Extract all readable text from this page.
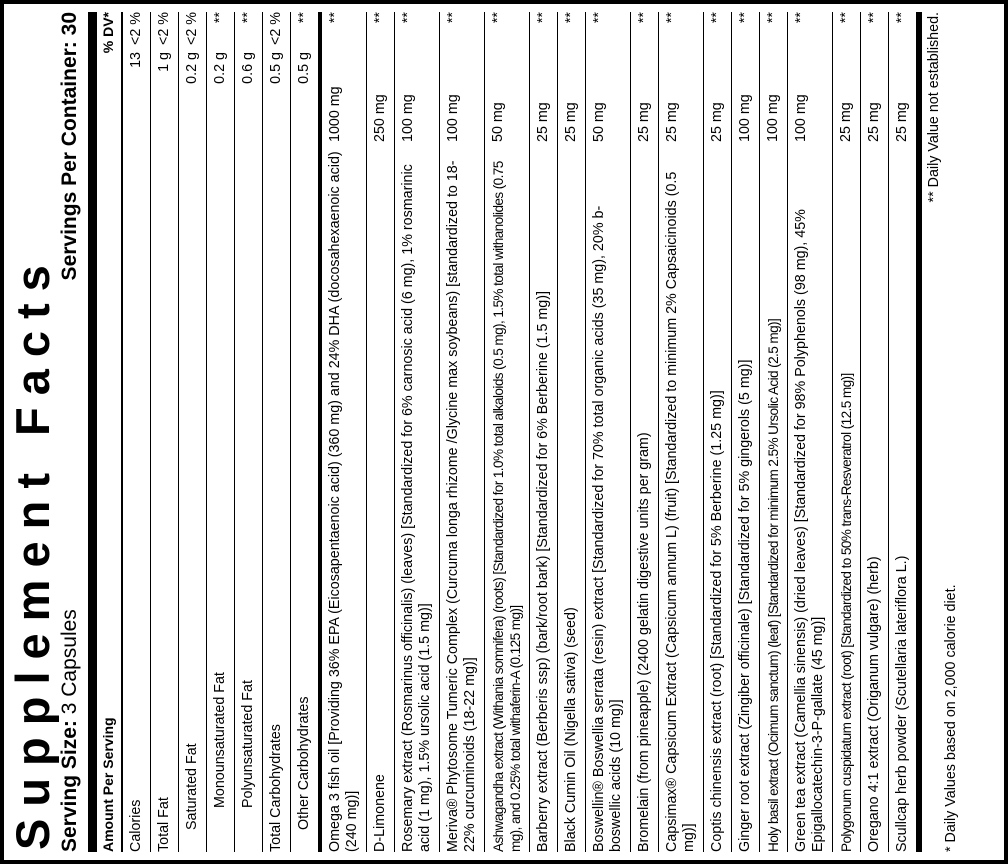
Supplement Facts Serving Size: 3 Capsules
Servings Per Container: 30
Amount Per Serving
% DV*
Calories
13
<2 %
Total Fat
1 g
<2 %
Saturated Fat
0.2 g
<2 %
Monounsaturated Fat
0.2 g
**
Polyunsaturated Fat
0.6 g
**
Total Carbohydrates
0.5 g
<2 %
Other Carbohydrates
0.5 g
**
Omega 3 fish oil [Providing 36% EPA (Eicosapentaenoic acid) (360 mg) and 24% DHA (docosahexaenoic acid) (240 mg)]
1000 mg
**
D-Limonene
250 mg
**
Rosemary extract (Rosmarinus officinalis) (leaves) [Standardized for 6% carnosic acid (6 mg), 1% rosmarinic acid (1 mg), 1.5% ursolic acid (1.5 mg)]
100 mg
**
Meriva® Phytosome Tumeric Complex (Curcuma longa rhizome /Glycine max soybeans) [standardized to 18-22% curcuminoids (18-22 mg)]
100 mg
**
Ashwagandha extract (Withania somnifera) (roots) [Standardized for 1.0% total alkaloids (0.5 mg), 1.5% total withanolides (0.75 mg), and 0.25% total withaferin-A (0.125 mg)]
50 mg
**
Barberry extract (Berberis ssp) (bark/root bark) [Standardized for 6% Berberine (1.5 mg)]
25 mg
**
Black Cumin Oil (Nigella sativa) (seed)
25 mg
**
Boswellin® Boswellia serrata (resin) extract [Standardized for 70% total organic acids (35 mg), 20% b-boswellic acids (10 mg)]
50 mg
**
Bromelain (from pineapple) (2400 gelatin digestive units per gram)
25 mg
**
Capsimax® Capsicum Extract (Capsicum annum L) (fruit) [Standardized to minimum 2% Capsaicinoids (0.5 mg)]
25 mg
**
Coptis chinensis extract (root) [Standardized for 5% Berberine (1.25 mg)]
25 mg
**
Ginger root extract (Zingiber officinale) [Standardized for 5% gingerols (5 mg)]
100 mg
**
Holy basil extract (Ocimum sanctum) (leaf) [Standardized for minimum 2.5% Ursolic Acid (2.5 mg)]
100 mg
**
Green tea extract (Camellia sinensis) (dried leaves) [Standardized for 98% Polyphenols (98 mg), 45% Epigallocatechin-3-P-gallate (45 mg)]
100 mg
**
Polygonum cuspidatum extract (root) [Standardized to 50% trans-Resveratrol (12.5 mg)]
25 mg
**
Oregano 4:1 extract (Origanum vulgare) (herb)
25 mg
**
Scullcap herb powder (Scutellaria lateriflora L.)
25 mg
** ** Daily Value not established.
* Daily Values based on 2,000 calorie diet.
